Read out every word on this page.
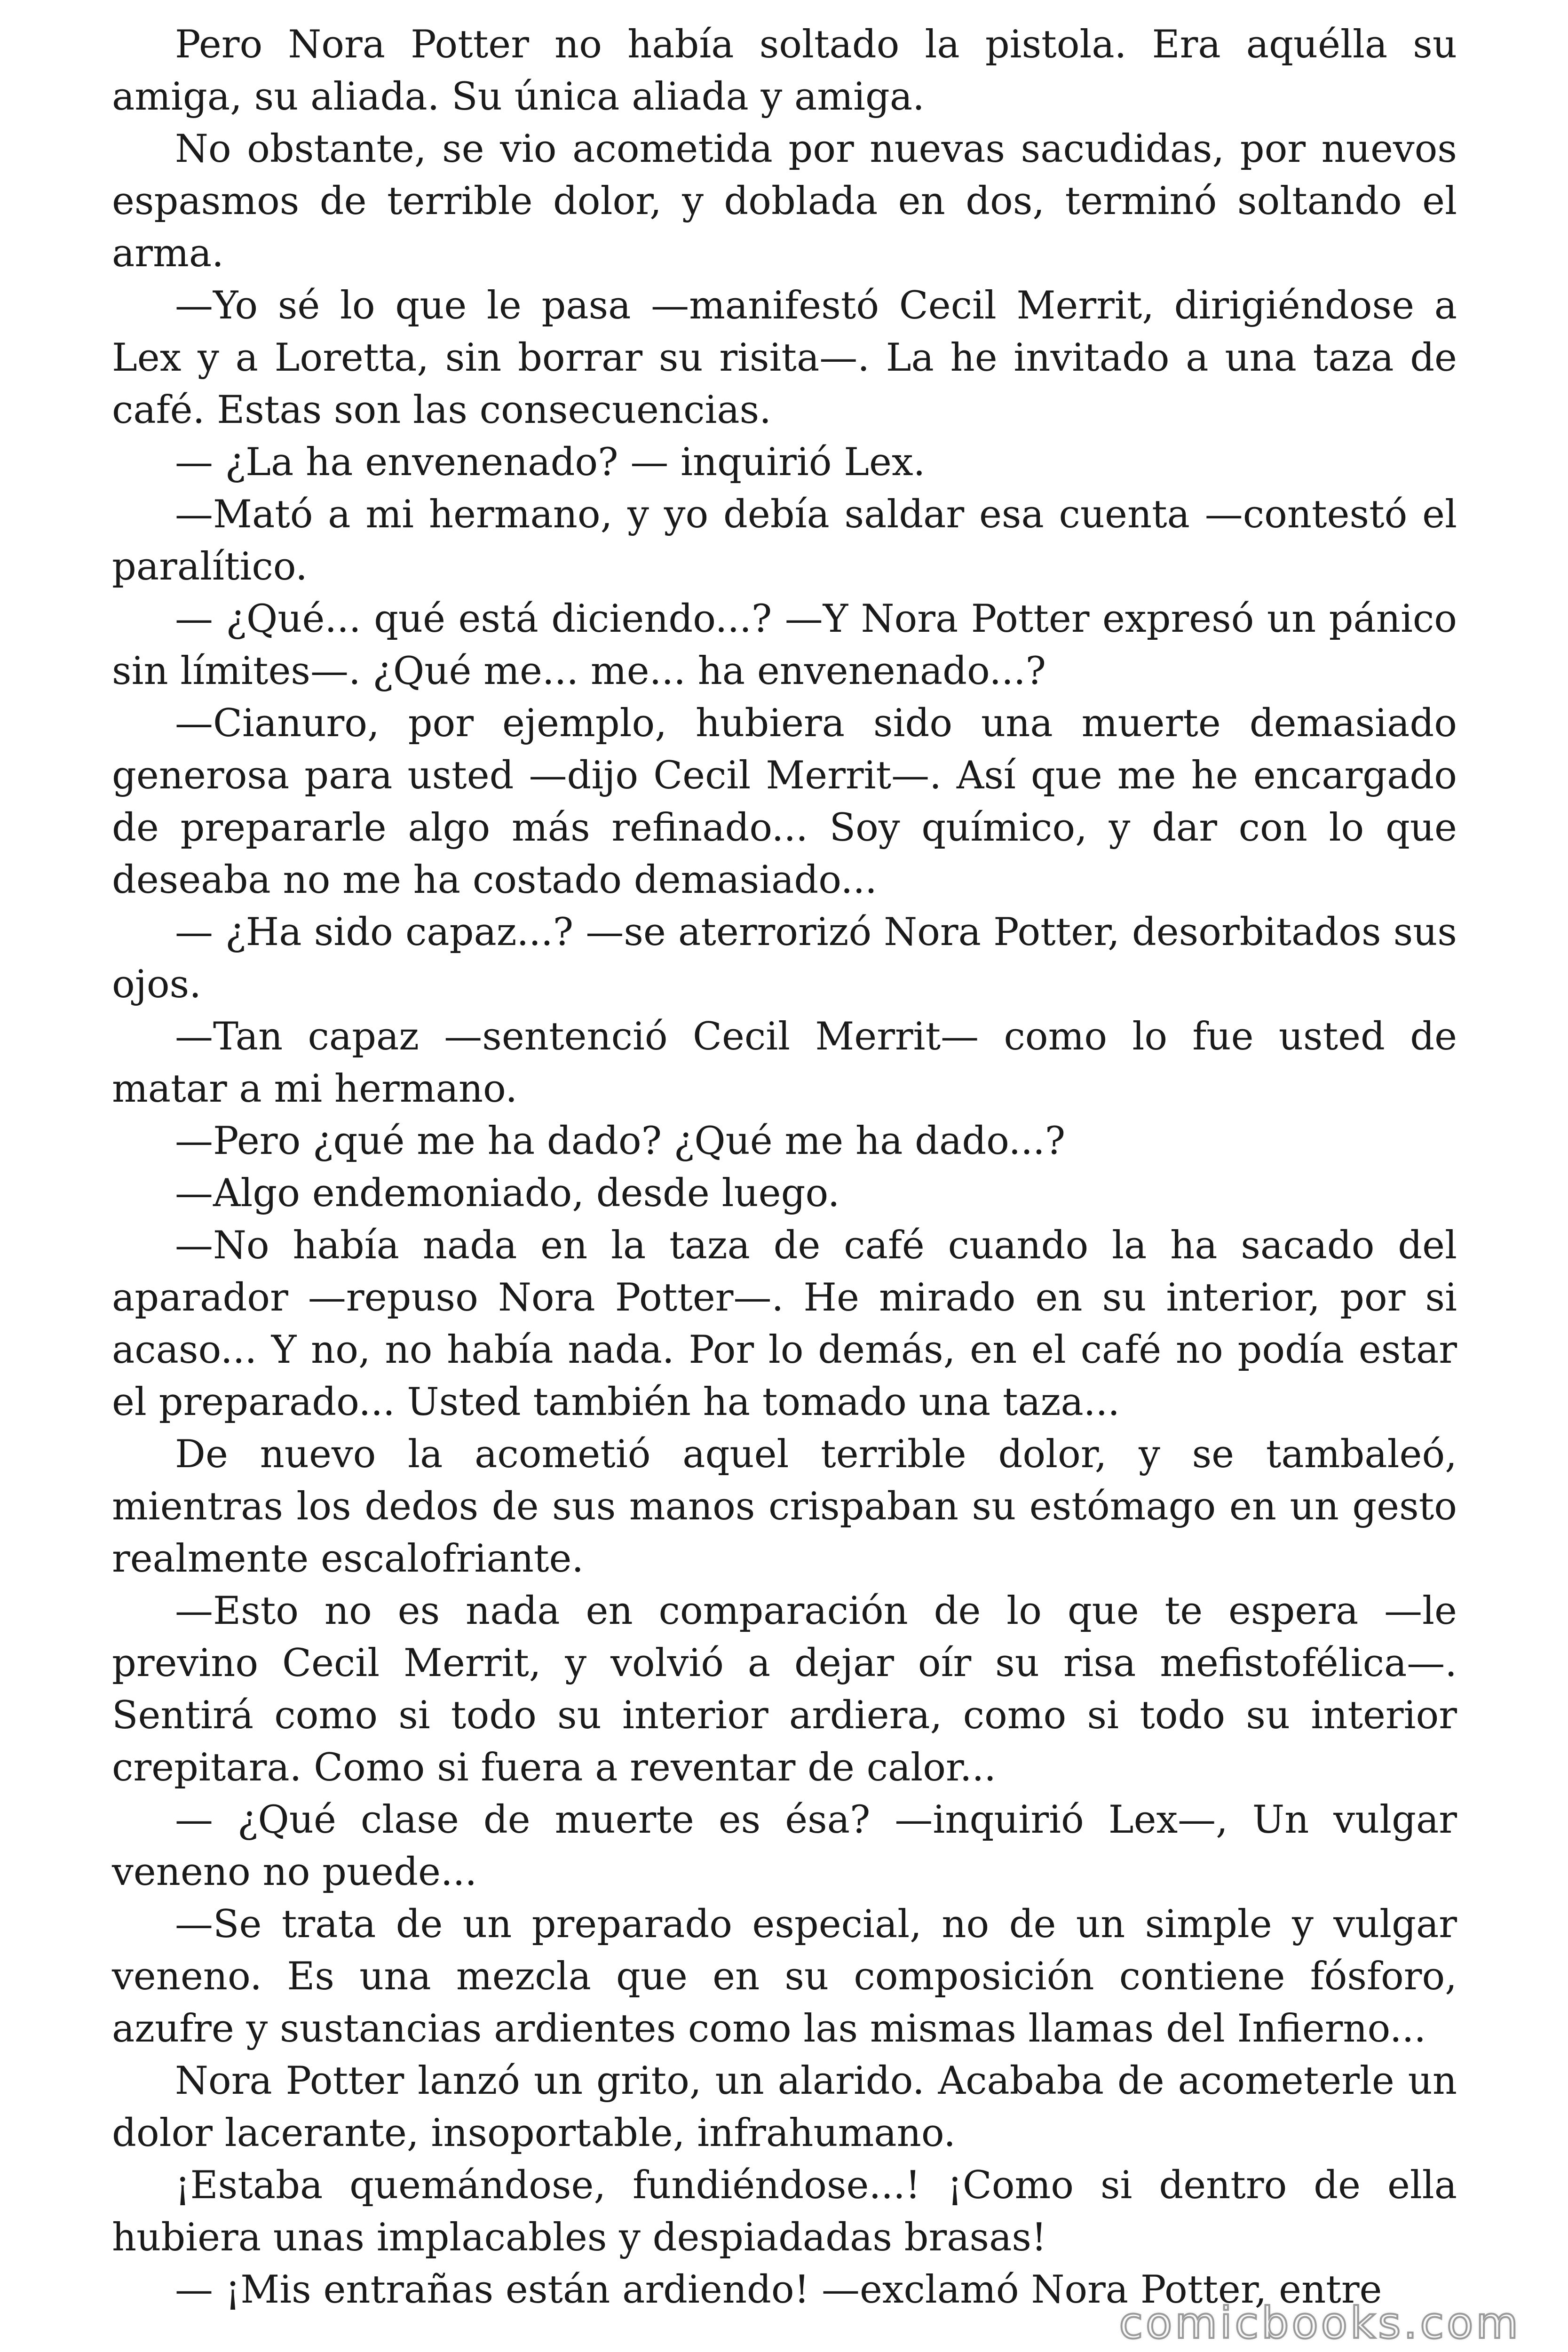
Pero Nora Potter no había soltado la pistola. Era aquélla su amiga, su aliada. Su única aliada y amiga.

No obstante, se vio acometida por nuevas sacudidas, por nuevos espasmos de terrible dolor, y doblada en dos, terminó soltando el arma.

—Yo sé lo que le pasa —manifestó Cecil Merrit, dirigiéndose a Lex y a Loretta, sin borrar su risita—. La he invitado a una taza de café. Estas son las consecuencias.

— ¿La ha envenenado? — inquirió Lex.

—Mató a mi hermano, y yo debía saldar esa cuenta —contestó el paralítico.

— ¿Qué... qué está diciendo...? —Y Nora Potter expresó un pánico sin límites—. ¿Qué me... me... ha envenenado...?

—Cianuro, por ejemplo, hubiera sido una muerte demasiado generosa para usted —dijo Cecil Merrit—. Así que me he encargado de prepararle algo más refinado... Soy químico, y dar con lo que deseaba no me ha costado demasiado...

— ¿Ha sido capaz...? —se aterrorizó Nora Potter, desorbitados sus ojos.

—Tan capaz —sentenció Cecil Merrit— como lo fue usted de matar a mi hermano.

—Pero ¿qué me ha dado? ¿Qué me ha dado...?

—Algo endemoniado, desde luego.

—No había nada en la taza de café cuando la ha sacado del aparador —repuso Nora Potter—. He mirado en su interior, por si acaso... Y no, no había nada. Por lo demás, en el café no podía estar el preparado... Usted también ha tomado una taza...

De nuevo la acometió aquel terrible dolor, y se tambaleó, mientras los dedos de sus manos crispaban su estómago en un gesto realmente escalofriante.

—Esto no es nada en comparación de lo que te espera —le previno Cecil Merrit, y volvió a dejar oír su risa mefistofélica—. Sentirá como si todo su interior ardiera, como si todo su interior crepitara. Como si fuera a reventar de calor...

— ¿Qué clase de muerte es ésa? —inquirió Lex—, Un vulgar veneno no puede...

—Se trata de un preparado especial, no de un simple y vulgar veneno. Es una mezcla que en su composición contiene fósforo, azufre y sustancias ardientes como las mismas llamas del Infierno...

Nora Potter lanzó un grito, un alarido. Acababa de acometerle un dolor lacerante, insoportable, infrahumano.

¡Estaba quemándose, fundiéndose...! ¡Como si dentro de ella hubiera unas implacables y despiadadas brasas!

— ¡Mis entrañas están ardiendo! —exclamó Nora Potter, entre

comicbooks.com
